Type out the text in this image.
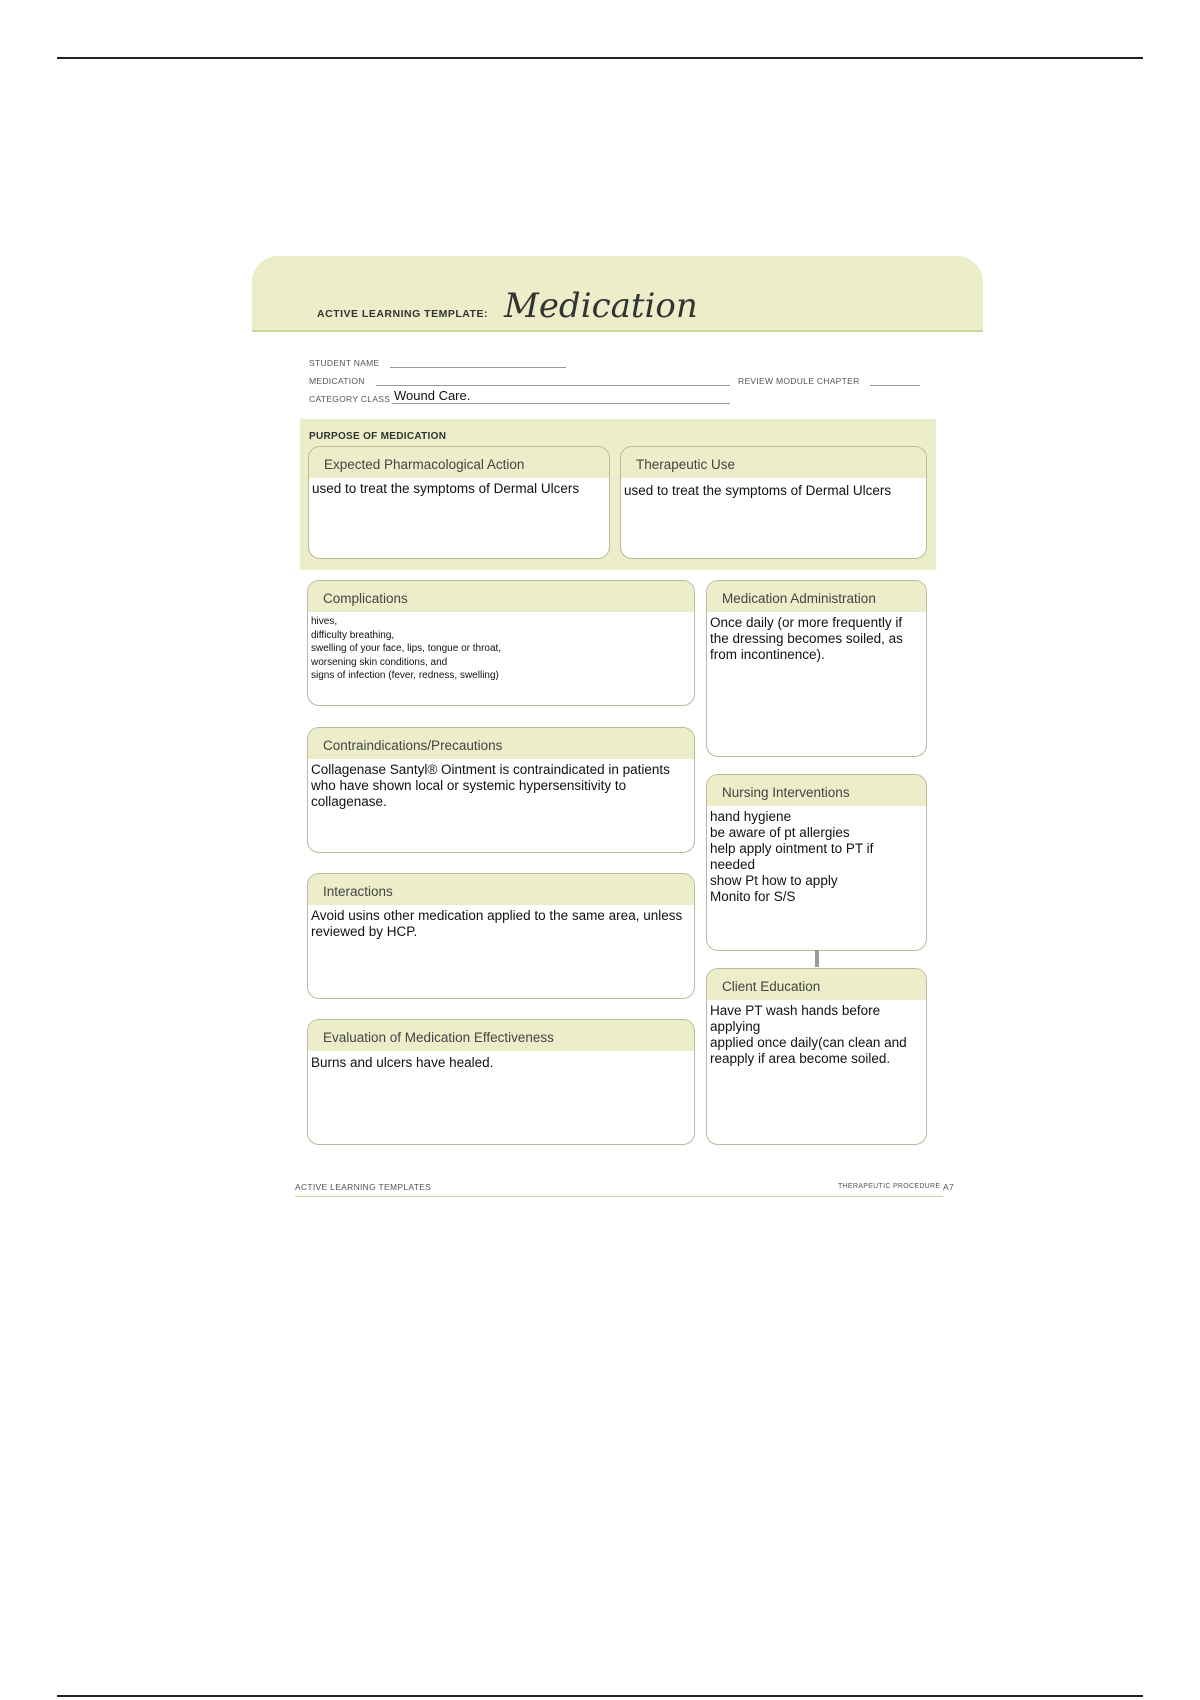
ACTIVE LEARNING TEMPLATE: Medication
STUDENT NAME
MEDICATION	REVIEW MODULE CHAPTER
CATEGORY CLASS Wound Care.
PURPOSE OF MEDICATION
Expected Pharmacological Action
used to treat the symptoms of Dermal Ulcers
Therapeutic Use
used to treat the symptoms of Dermal Ulcers
Complications
hives,
difficulty breathing,
swelling of your face, lips, tongue or throat,
worsening skin conditions, and
signs of infection (fever, redness, swelling)
Contraindications/Precautions
Collagenase Santyl® Ointment is contraindicated in patients who have shown local or systemic hypersensitivity to collagenase.
Interactions
Avoid usins other medication applied to the same area, unless reviewed by HCP.
Evaluation of Medication Effectiveness
Burns and ulcers have healed.
Medication Administration
Once daily (or more frequently if the dressing becomes soiled, as from incontinence).
Nursing Interventions
hand hygiene
be aware of pt allergies
help apply ointment to PT if needed
show Pt how to apply
Monito for S/S
Client Education
Have PT wash hands before applying
applied once daily(can clean and reapply if area become soiled.
ACTIVE LEARNING TEMPLATES	THERAPEUTIC PROCEDURE A7
